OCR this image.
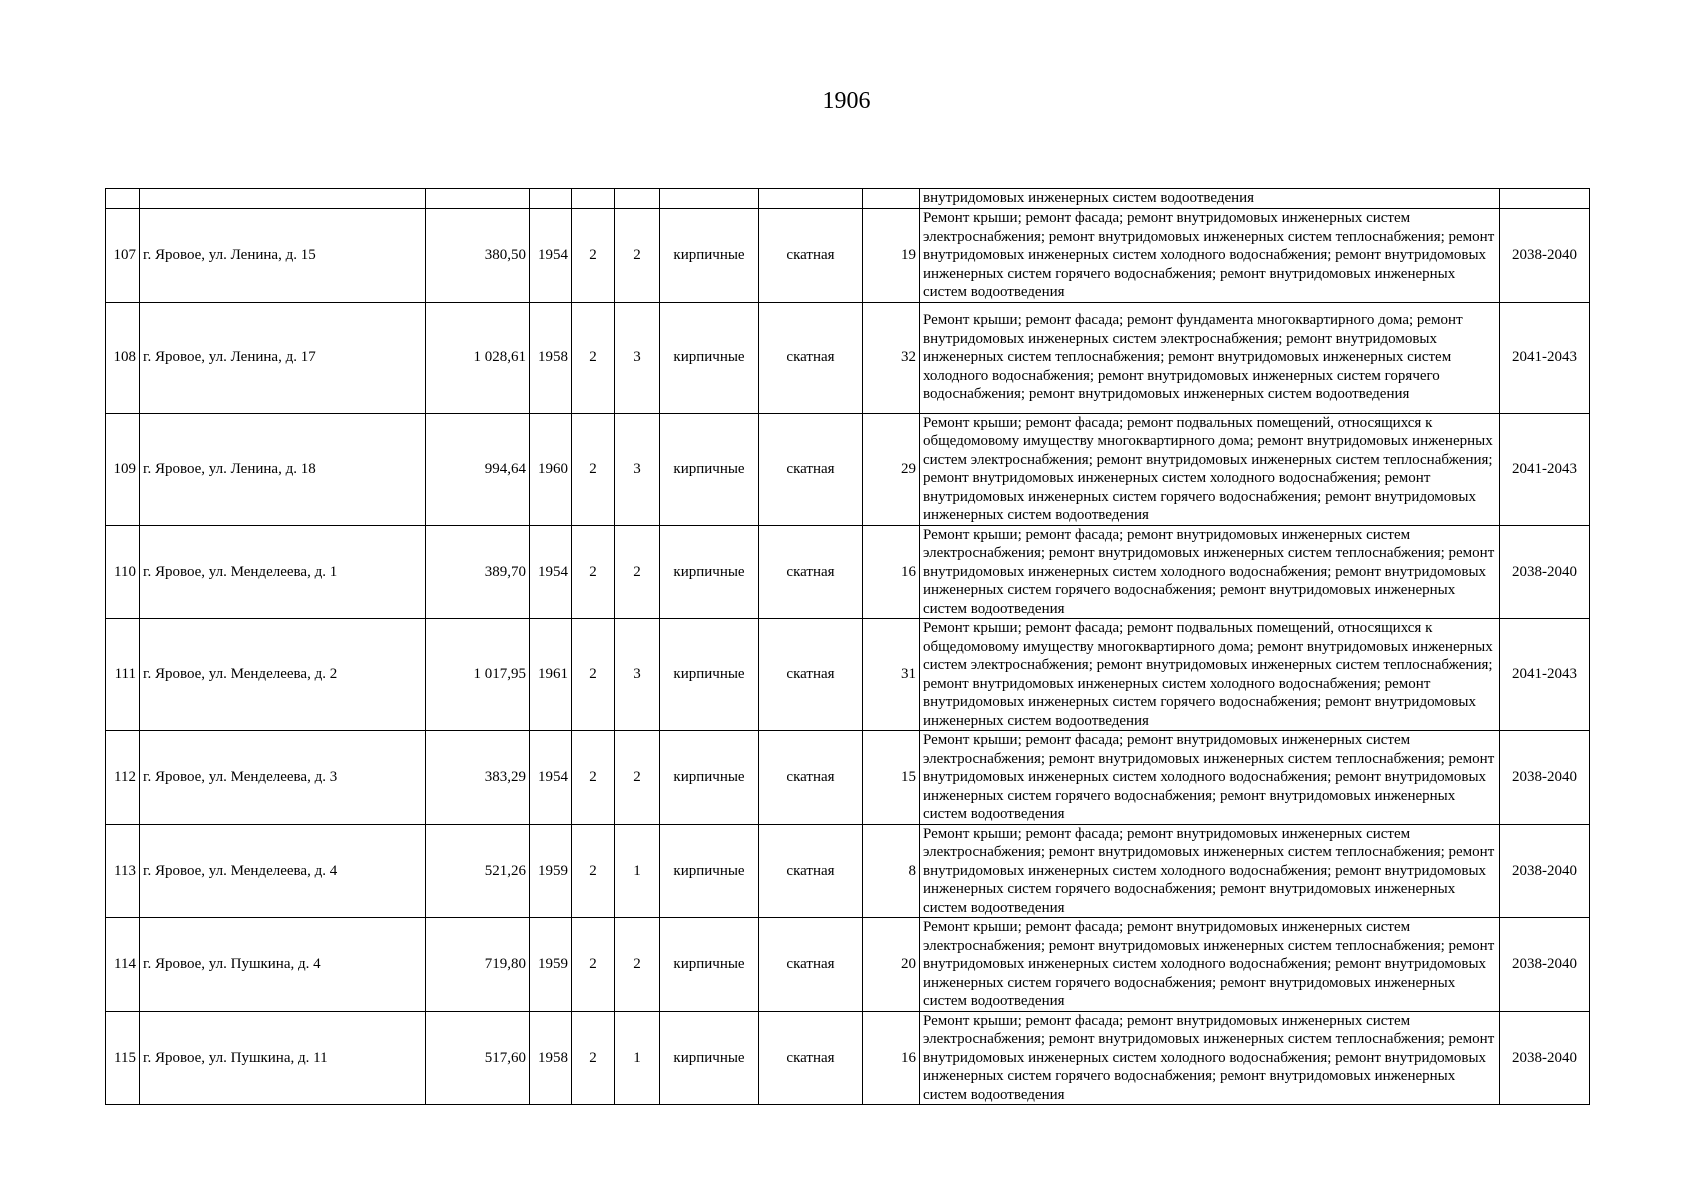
1906
									внутридомовых инженерных систем водоотведения	
107	г. Яровое, ул. Ленина, д. 15	380,50	1954	2	2	кирпичные	скатная	19	Ремонт крыши; ремонт фасада; ремонт внутридомовых инженерных систем электроснабжения; ремонт внутридомовых инженерных систем теплоснабжения; ремонт внутридомовых инженерных систем холодного водоснабжения; ремонт внутридомовых инженерных систем горячего водоснабжения; ремонт внутридомовых инженерных систем водоотведения	2038-2040
108	г. Яровое, ул. Ленина, д. 17	1 028,61	1958	2	3	кирпичные	скатная	32	Ремонт крыши; ремонт фасада; ремонт фундамента многоквартирного дома; ремонт внутридомовых инженерных систем электроснабжения; ремонт внутридомовых инженерных систем теплоснабжения; ремонт внутридомовых инженерных систем холодного водоснабжения; ремонт внутридомовых инженерных систем горячего водоснабжения; ремонт внутридомовых инженерных систем водоотведения	2041-2043
109	г. Яровое, ул. Ленина, д. 18	994,64	1960	2	3	кирпичные	скатная	29	Ремонт крыши; ремонт фасада; ремонт подвальных помещений, относящихся к общедомовому имуществу многоквартирного дома; ремонт внутридомовых инженерных систем электроснабжения; ремонт внутридомовых инженерных систем теплоснабжения; ремонт внутридомовых инженерных систем холодного водоснабжения; ремонт внутридомовых инженерных систем горячего водоснабжения; ремонт внутридомовых инженерных систем водоотведения	2041-2043
110	г. Яровое, ул. Менделеева, д. 1	389,70	1954	2	2	кирпичные	скатная	16	Ремонт крыши; ремонт фасада; ремонт внутридомовых инженерных систем электроснабжения; ремонт внутридомовых инженерных систем теплоснабжения; ремонт внутридомовых инженерных систем холодного водоснабжения; ремонт внутридомовых инженерных систем горячего водоснабжения; ремонт внутридомовых инженерных систем водоотведения	2038-2040
111	г. Яровое, ул. Менделеева, д. 2	1 017,95	1961	2	3	кирпичные	скатная	31	Ремонт крыши; ремонт фасада; ремонт подвальных помещений, относящихся к общедомовому имуществу многоквартирного дома; ремонт внутридомовых инженерных систем электроснабжения; ремонт внутридомовых инженерных систем теплоснабжения; ремонт внутридомовых инженерных систем холодного водоснабжения; ремонт внутридомовых инженерных систем горячего водоснабжения; ремонт внутридомовых инженерных систем водоотведения	2041-2043
112	г. Яровое, ул. Менделеева, д. 3	383,29	1954	2	2	кирпичные	скатная	15	Ремонт крыши; ремонт фасада; ремонт внутридомовых инженерных систем электроснабжения; ремонт внутридомовых инженерных систем теплоснабжения; ремонт внутридомовых инженерных систем холодного водоснабжения; ремонт внутридомовых инженерных систем горячего водоснабжения; ремонт внутридомовых инженерных систем водоотведения	2038-2040
113	г. Яровое, ул. Менделеева, д. 4	521,26	1959	2	1	кирпичные	скатная	8	Ремонт крыши; ремонт фасада; ремонт внутридомовых инженерных систем электроснабжения; ремонт внутридомовых инженерных систем теплоснабжения; ремонт внутридомовых инженерных систем холодного водоснабжения; ремонт внутридомовых инженерных систем горячего водоснабжения; ремонт внутридомовых инженерных систем водоотведения	2038-2040
114	г. Яровое, ул. Пушкина, д. 4	719,80	1959	2	2	кирпичные	скатная	20	Ремонт крыши; ремонт фасада; ремонт внутридомовых инженерных систем электроснабжения; ремонт внутридомовых инженерных систем теплоснабжения; ремонт внутридомовых инженерных систем холодного водоснабжения; ремонт внутридомовых инженерных систем горячего водоснабжения; ремонт внутридомовых инженерных систем водоотведения	2038-2040
115	г. Яровое, ул. Пушкина, д. 11	517,60	1958	2	1	кирпичные	скатная	16	Ремонт крыши; ремонт фасада; ремонт внутридомовых инженерных систем электроснабжения; ремонт внутридомовых инженерных систем теплоснабжения; ремонт внутридомовых инженерных систем холодного водоснабжения; ремонт внутридомовых инженерных систем горячего водоснабжения; ремонт внутридомовых инженерных систем водоотведения	2038-2040
